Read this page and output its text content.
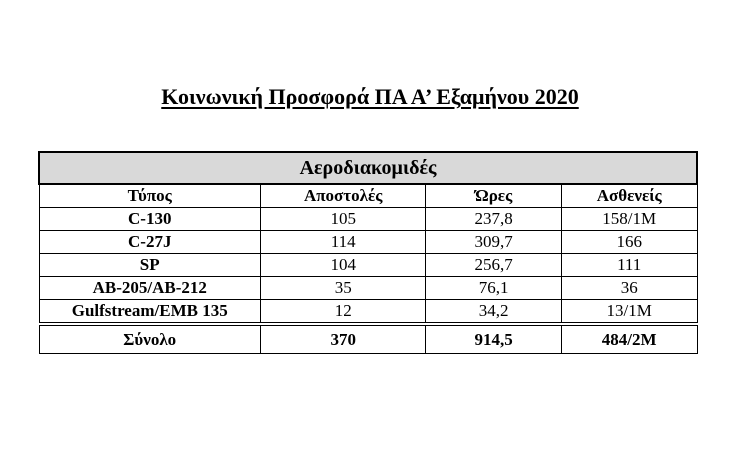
Κοινωνική Προσφορά ΠΑ Α’ Εξαμήνου 2020
Αεροδιακομιδές			
Τύπος	Αποστολές	Ώρες	Ασθενείς
C-130	105	237,8	158/1M
C-27J	114	309,7	166
SP	104	256,7	111
AB-205/AB-212	35	76,1	36
Gulfstream/EMB 135	12	34,2	13/1M
Σύνολο	370	914,5	484/2M
